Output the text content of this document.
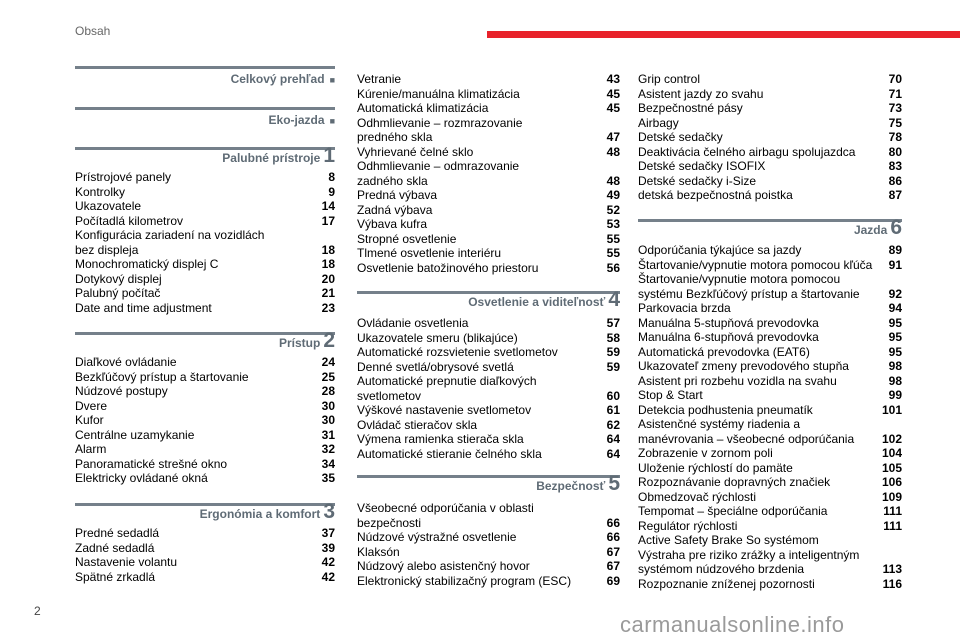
Obsah
Celkový prehľad ■
Eko-jazda ■
Palubné prístroje 1
Prístrojové panely	8
Kontrolky	9
Ukazovatele	14
Počítadlá kilometrov	17
Konfigurácia zariadení na vozidlách
bez displeja	18
Monochromatický displej C	18
Dotykový displej	20
Palubný počítač	21
Date and time adjustment	23
Prístup 2
Diaľkové ovládanie	24
Bezkľúčový prístup a štartovanie	25
Núdzové postupy	28
Dvere	30
Kufor	30
Centrálne uzamykanie	31
Alarm	32
Panoramatické strešné okno	34
Elektricky ovládané okná	35
Ergonómia a komfort 3
Predné sedadlá	37
Zadné sedadlá	39
Nastavenie volantu	42
Spätné zrkadlá	42
Vetranie	43
Kúrenie/manuálna klimatizácia	45
Automatická klimatizácia	45
Odhmlievanie – rozmrazovanie
predného skla	47
Vyhrievané čelné sklo	48
Odhmlievanie – odmrazovanie
zadného skla	48
Predná výbava	49
Zadná výbava	52
Výbava kufra	53
Stropné osvetlenie	55
Tlmené osvetlenie interiéru	55
Osvetlenie batožinového priestoru	56
Osvetlenie a viditeľnosť 4
Ovládanie osvetlenia	57
Ukazovatele smeru (blikajúce)	58
Automatické rozsvietenie svetlometov	59
Denné svetlá/obrysové svetlá	59
Automatické prepnutie diaľkových
svetlometov	60
Výškové nastavenie svetlometov	61
Ovládač stieračov skla	62
Výmena ramienka stierača skla	64
Automatické stieranie čelného skla	64
Bezpečnosť 5
Všeobecné odporúčania v oblasti
bezpečnosti	66
Núdzové výstražné osvetlenie	66
Klaksón	67
Núdzový alebo asistenčný hovor	67
Elektronický stabilizačný program (ESC)	69
Grip control	70
Asistent jazdy zo svahu	71
Bezpečnostné pásy	73
Airbagy	75
Detské sedačky	78
Deaktivácia čelného airbagu spolujazdca	80
Detské sedačky ISOFIX	83
Detské sedačky i-Size	86
detská bezpečnostná poistka	87
Jazda 6
Odporúčania týkajúce sa jazdy	89
Štartovanie/vypnutie motora pomocou kľúča	91
Štartovanie/vypnutie motora pomocou
systému Bezkľúčový prístup a štartovanie	92
Parkovacia brzda	94
Manuálna 5-stupňová prevodovka	95
Manuálna 6-stupňová prevodovka	95
Automatická prevodovka (EAT6)	95
Ukazovateľ zmeny prevodového stupňa	98
Asistent pri rozbehu vozidla na svahu	98
Stop & Start	99
Detekcia podhustenia pneumatík	101
Asistenčné systémy riadenia a
manévrovania – všeobecné odporúčania	102
Zobrazenie v zornom poli	104
Uloženie rýchlostí do pamäte	105
Rozpoznávanie dopravných značiek	106
Obmedzovač rýchlosti	109
Tempomat – špeciálne odporúčania	111
Regulátor rýchlosti	111
Active Safety Brake So systémom
Výstraha pre riziko zrážky a inteligentným
systémom núdzového brzdenia	113
Rozpoznanie zníženej pozornosti	116
2
carmanualsonline.info
